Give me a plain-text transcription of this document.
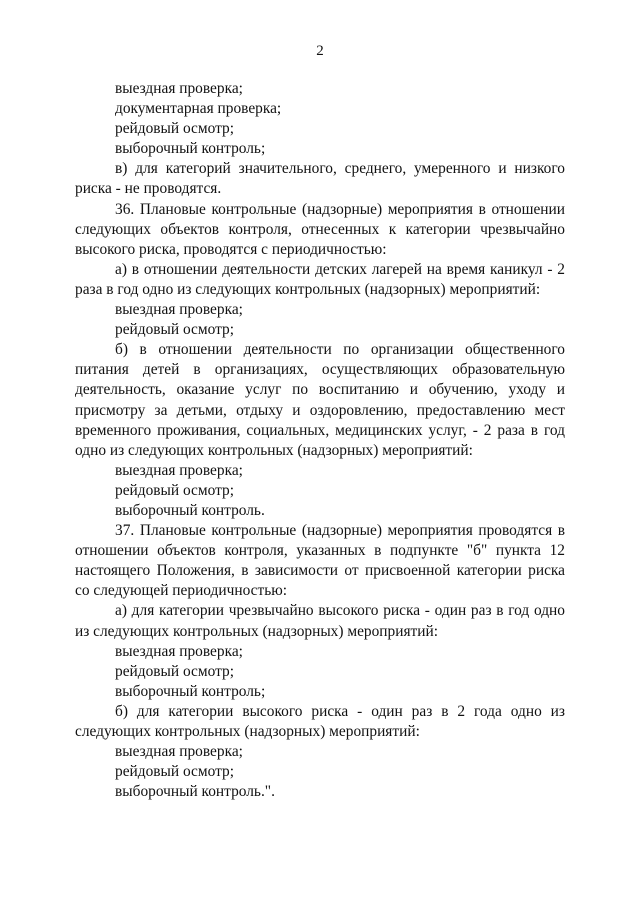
2

выездная проверка;

документарная проверка;

рейдовый осмотр;

выборочный контроль;

в) для категорий значительного, среднего, умеренного и низкого риска - не проводятся.

36. Плановые контрольные (надзорные) мероприятия в отношении следующих объектов контроля, отнесенных к категории чрезвычайно высокого риска, проводятся с периодичностью:

а) в отношении деятельности детских лагерей на время каникул - 2 раза в год одно из следующих контрольных (надзорных) мероприятий:

выездная проверка;

рейдовый осмотр;

б) в отношении деятельности по организации общественного питания детей в организациях, осуществляющих образовательную деятельность, оказание услуг по воспитанию и обучению, уходу и присмотру за детьми, отдыху и оздоровлению, предоставлению мест временного проживания, социальных, медицинских услуг, - 2 раза в год одно из следующих контрольных (надзорных) мероприятий:

выездная проверка;

рейдовый осмотр;

выборочный контроль.

37. Плановые контрольные (надзорные) мероприятия проводятся в отношении объектов контроля, указанных в подпункте "б" пункта 12 настоящего Положения, в зависимости от присвоенной категории риска со следующей периодичностью:

а) для категории чрезвычайно высокого риска - один раз в год одно из следующих контрольных (надзорных) мероприятий:

выездная проверка;

рейдовый осмотр;

выборочный контроль;

б) для категории высокого риска - один раз в 2 года одно из следующих контрольных (надзорных) мероприятий:

выездная проверка;

рейдовый осмотр;

выборочный контроль.".
